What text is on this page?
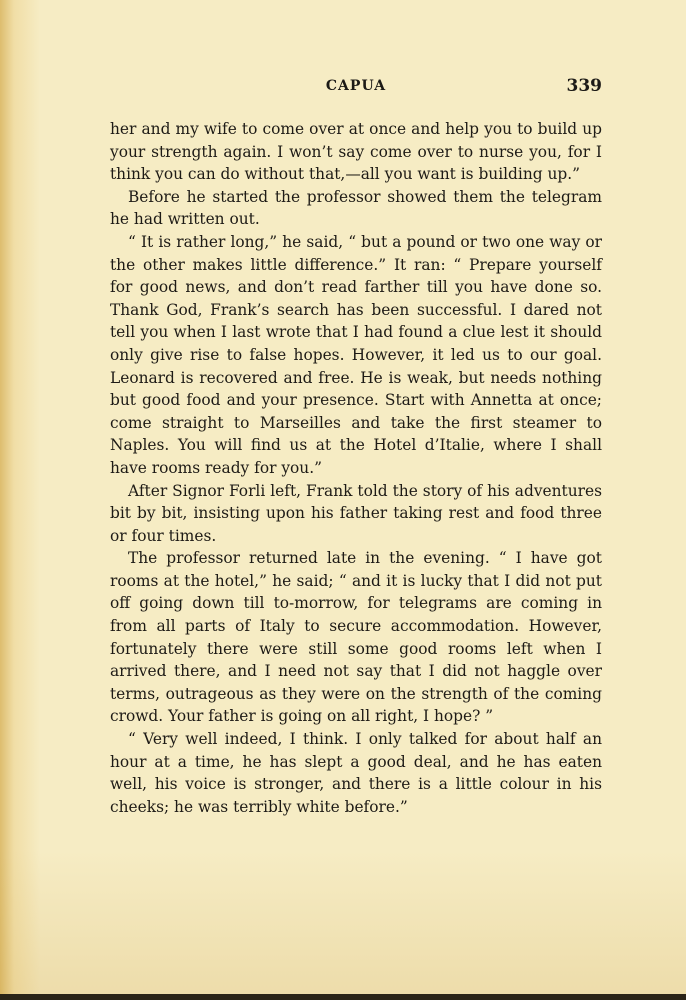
CAPUA	339

her and my wife to come over at once and help you to build up your strength again. I won’t say come over to nurse you, for I think you can do without that,—all you want is building up.”

Before he started the professor showed them the telegram he had written out.

“ It is rather long,” he said, “ but a pound or two one way or the other makes little difference.” It ran: “ Prepare yourself for good news, and don’t read farther till you have done so. Thank God, Frank’s search has been successful. I dared not tell you when I last wrote that I had found a clue lest it should only give rise to false hopes. However, it led us to our goal. Leonard is recovered and free. He is weak, but needs nothing but good food and your presence. Start with Annetta at once; come straight to Marseilles and take the first steamer to Naples. You will find us at the Hotel d’Italie, where I shall have rooms ready for you.”

After Signor Forli left, Frank told the story of his adventures bit by bit, insisting upon his father taking rest and food three or four times.

The professor returned late in the evening. “ I have got rooms at the hotel,” he said; “ and it is lucky that I did not put off going down till to-morrow, for telegrams are coming in from all parts of Italy to secure accommodation. However, fortunately there were still some good rooms left when I arrived there, and I need not say that I did not haggle over terms, outrageous as they were on the strength of the coming crowd. Your father is going on all right, I hope? ”

“ Very well indeed, I think. I only talked for about half an hour at a time, he has slept a good deal, and he has eaten well, his voice is stronger, and there is a little colour in his cheeks; he was terribly white before.”
